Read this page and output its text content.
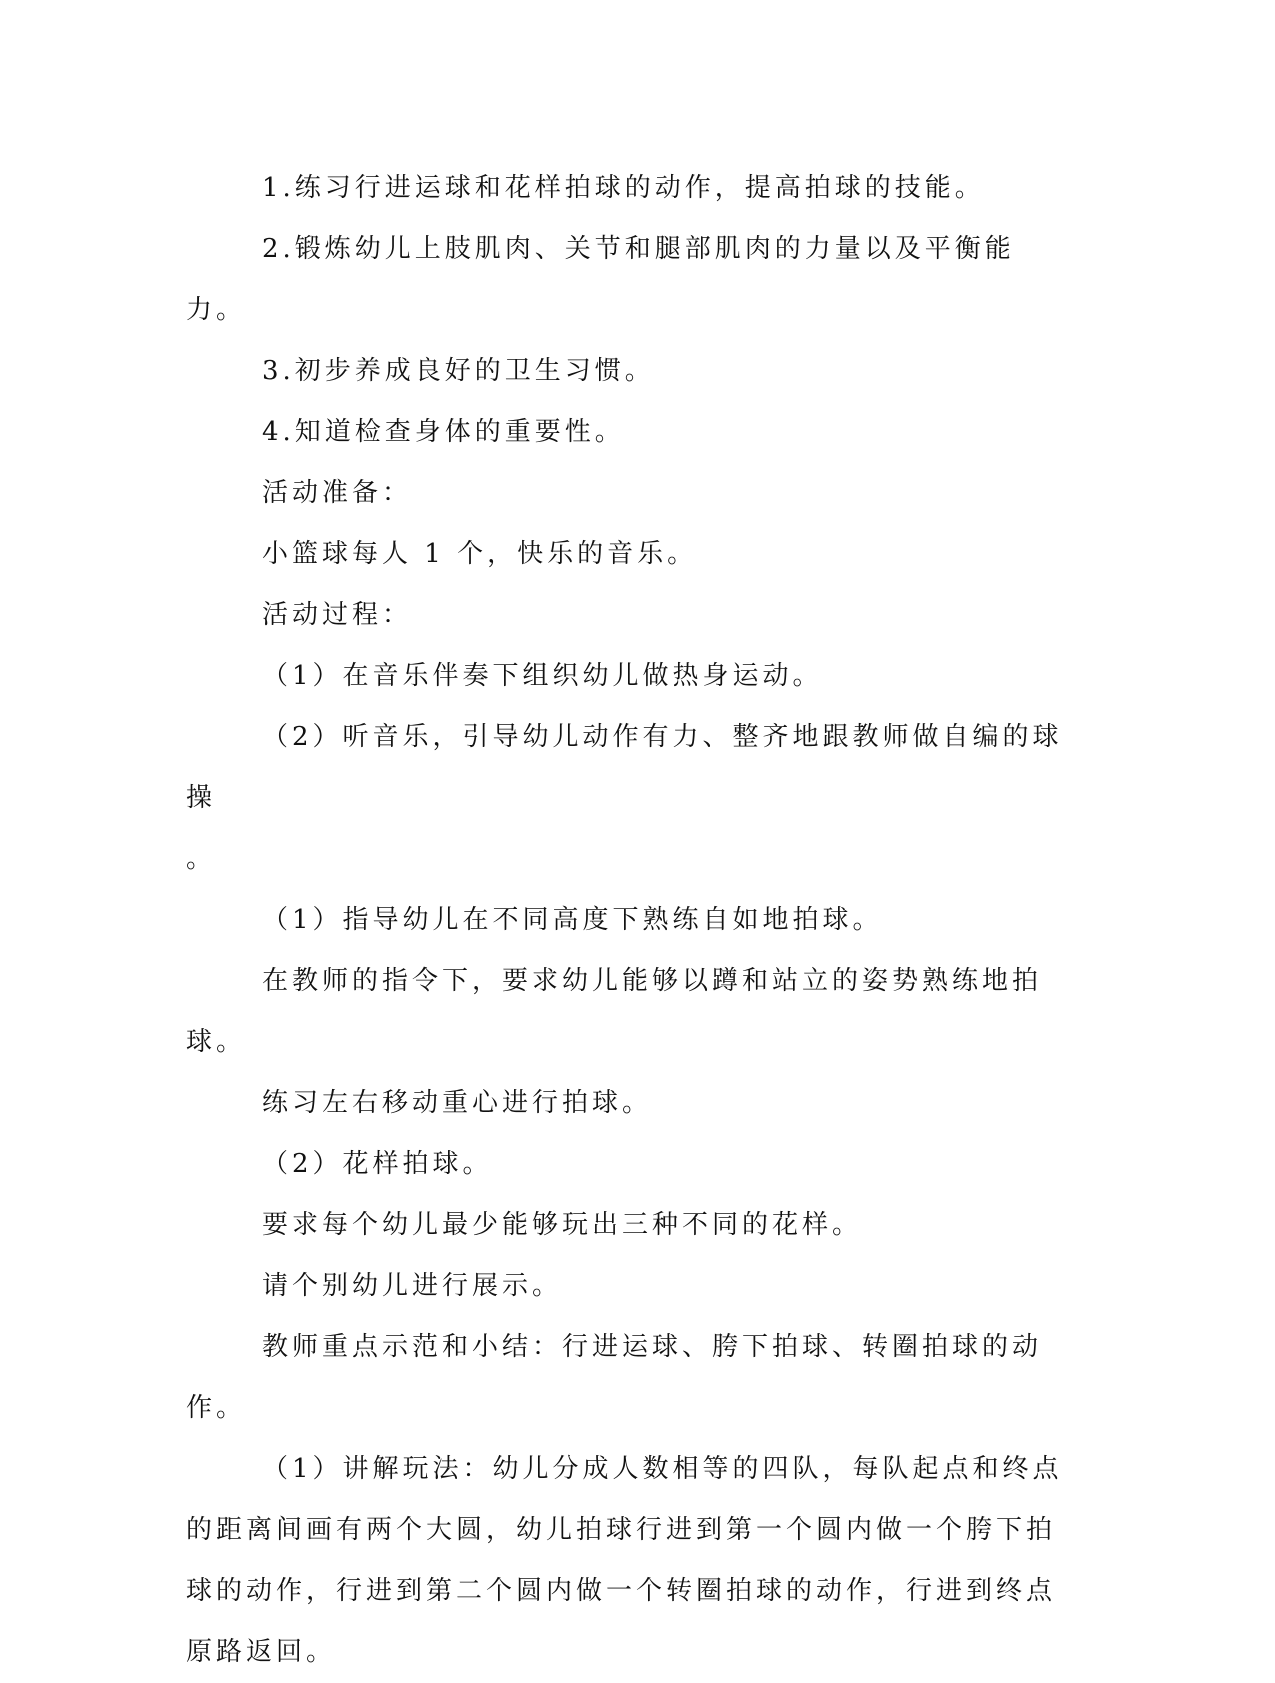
1.练习行进运球和花样拍球的动作，提高拍球的技能。

2.锻炼幼儿上肢肌肉、关节和腿部肌肉的力量以及平衡能力。

3.初步养成良好的卫生习惯。

4.知道检查身体的重要性。

活动准备：

小篮球每人 1 个，快乐的音乐。

活动过程：

（1）在音乐伴奏下组织幼儿做热身运动。

（2）听音乐，引导幼儿动作有力、整齐地跟教师做自编的球操

。

（1）指导幼儿在不同高度下熟练自如地拍球。

在教师的指令下，要求幼儿能够以蹲和站立的姿势熟练地拍球。

练习左右移动重心进行拍球。

（2）花样拍球。

要求每个幼儿最少能够玩出三种不同的花样。

请个别幼儿进行展示。

教师重点示范和小结：行进运球、胯下拍球、转圈拍球的动作。

（1）讲解玩法：幼儿分成人数相等的四队，每队起点和终点的距离间画有两个大圆，幼儿拍球行进到第一个圆内做一个胯下拍球的动作，行进到第二个圆内做一个转圈拍球的动作，行进到终点原路返回。
